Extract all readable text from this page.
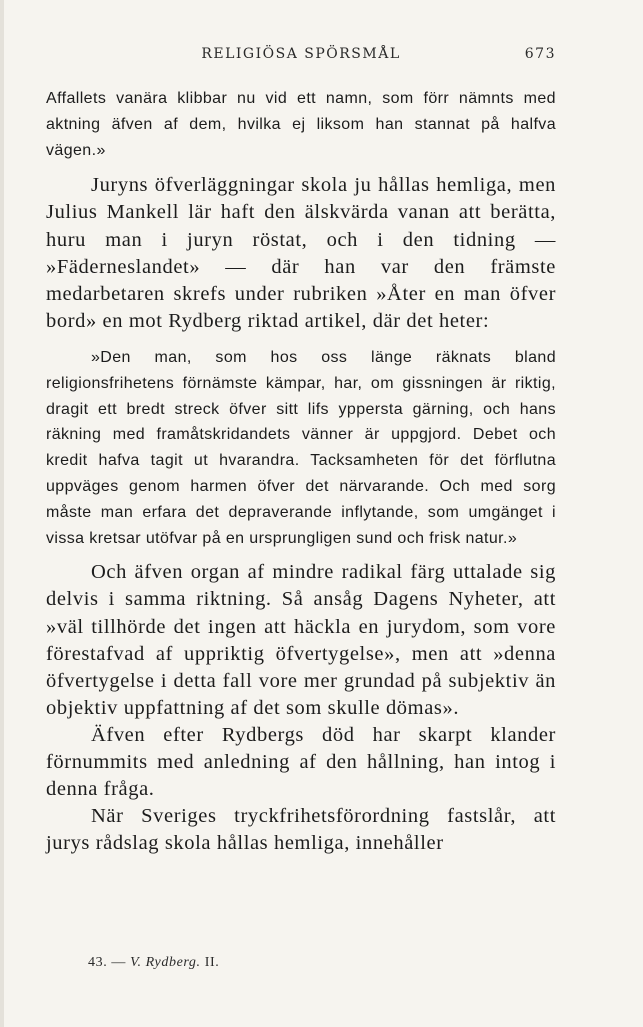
RELIGIÖSA SPÖRSMÅL	673

Affallets vanära klibbar nu vid ett namn, som förr nämnts med aktning äfven af dem, hvilka ej liksom han stannat på halfva vägen.»

Juryns öfverläggningar skola ju hållas hemliga, men Julius Mankell lär haft den älskvärda vanan att berätta, huru man i juryn röstat, och i den tidning — »Fäderneslandet» — där han var den främste medarbetaren skrefs under rubriken »Åter en man öfver bord» en mot Rydberg riktad artikel, där det heter:

»Den man, som hos oss länge räknats bland religionsfrihetens förnämste kämpar, har, om gissningen är riktig, dragit ett bredt streck öfver sitt lifs yppersta gärning, och hans räkning med framåtskridandets vänner är uppgjord. Debet och kredit hafva tagit ut hvarandra. Tacksamheten för det förflutna uppväges genom harmen öfver det närvarande. Och med sorg måste man erfara det depraverande inflytande, som umgänget i vissa kretsar utöfvar på en ursprungligen sund och frisk natur.»

Och äfven organ af mindre radikal färg uttalade sig delvis i samma riktning. Så ansåg Dagens Nyheter, att »väl tillhörde det ingen att häckla en jurydom, som vore förestafvad af uppriktig öfvertygelse», men att »denna öfvertygelse i detta fall vore mer grundad på subjektiv än objektiv uppfattning af det som skulle dömas».

Äfven efter Rydbergs död har skarpt klander förnummits med anledning af den hållning, han intog i denna fråga.

När Sveriges tryckfrihetsförordning fastslår, att jurys rådslag skola hållas hemliga, innehåller

43. — V. Rydberg. II.
